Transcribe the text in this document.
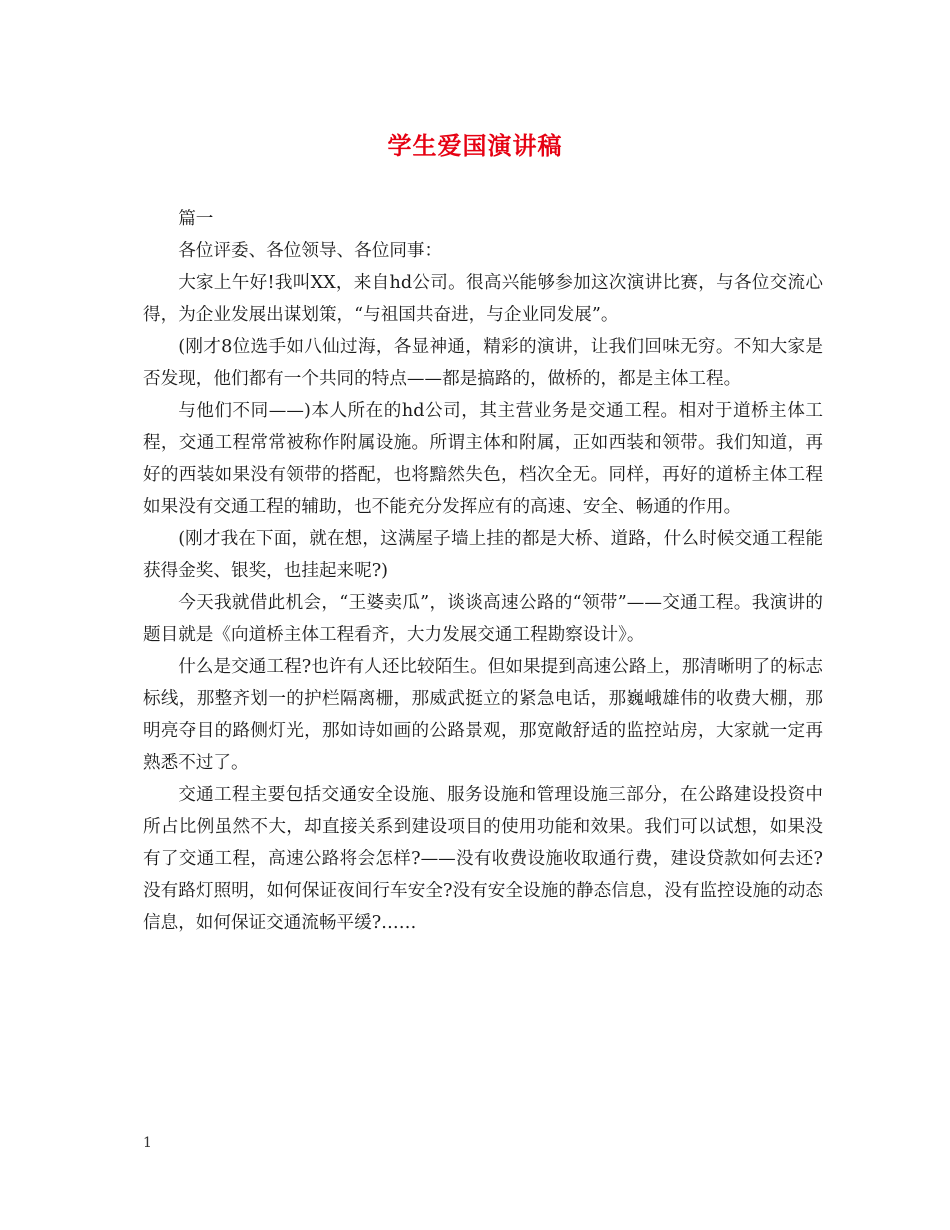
学生爱国演讲稿

篇一

各位评委、各位领导、各位同事：

大家上午好!我叫XX，来自hd公司。很高兴能够参加这次演讲比赛，与各位交流心得，为企业发展出谋划策，“与祖国共奋进，与企业同发展”。

(刚才8位选手如八仙过海，各显神通，精彩的演讲，让我们回味无穷。不知大家是否发现，他们都有一个共同的特点——都是搞路的，做桥的，都是主体工程。

与他们不同——)本人所在的hd公司，其主营业务是交通工程。相对于道桥主体工程，交通工程常常被称作附属设施。所谓主体和附属，正如西装和领带。我们知道，再好的西装如果没有领带的搭配，也将黯然失色，档次全无。同样，再好的道桥主体工程如果没有交通工程的辅助，也不能充分发挥应有的高速、安全、畅通的作用。

(刚才我在下面，就在想，这满屋子墙上挂的都是大桥、道路，什么时候交通工程能获得金奖、银奖，也挂起来呢?)

今天我就借此机会，“王婆卖瓜”，谈谈高速公路的“领带”——交通工程。我演讲的题目就是《向道桥主体工程看齐，大力发展交通工程勘察设计》。

什么是交通工程?也许有人还比较陌生。但如果提到高速公路上，那清晰明了的标志标线，那整齐划一的护栏隔离栅，那威武挺立的紧急电话，那巍峨雄伟的收费大棚，那明亮夺目的路侧灯光，那如诗如画的公路景观，那宽敞舒适的监控站房，大家就一定再熟悉不过了。

交通工程主要包括交通安全设施、服务设施和管理设施三部分，在公路建设投资中所占比例虽然不大，却直接关系到建设项目的使用功能和效果。我们可以试想，如果没有了交通工程，高速公路将会怎样?——没有收费设施收取通行费，建设贷款如何去还?没有路灯照明，如何保证夜间行车安全?没有安全设施的静态信息，没有监控设施的动态信息，如何保证交通流畅平缓?……

1
